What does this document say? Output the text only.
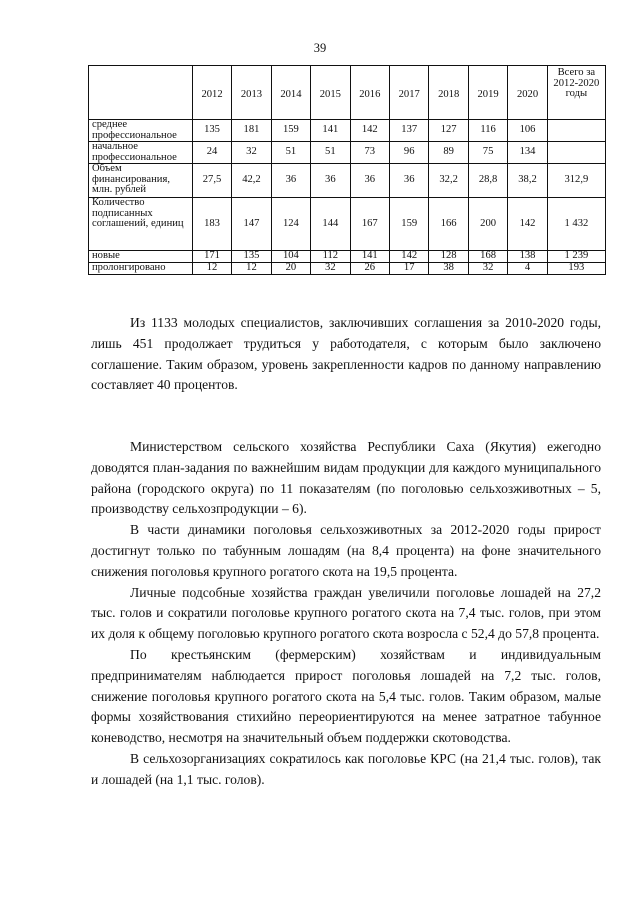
39
	2012	2013	2014	2015	2016	2017	2018	2019	2020	Всего за 2012-2020 годы
среднее профессиональное	135	181	159	141	142	137	127	116	106	
начальное профессиональное	24	32	51	51	73	96	89	75	134	
Объем финансирования, млн. рублей	27,5	42,2	36	36	36	36	32,2	28,8	38,2	312,9
Количество подписанных соглашений, единиц	183	147	124	144	167	159	166	200	142	1 432
новые	171	135	104	112	141	142	128	168	138	1 239
пролонгировано	12	12	20	32	26	17	38	32	4	193

Из 1133 молодых специалистов, заключивших соглашения за 2010-2020 годы, лишь 451 продолжает трудиться у работодателя, с которым было заключено соглашение. Таким образом, уровень закрепленности кадров по данному направлению составляет 40 процентов.

Министерством сельского хозяйства Республики Саха (Якутия) ежегодно доводятся план-задания по важнейшим видам продукции для каждого муниципального района (городского округа) по 11 показателям (по поголовью сельхозживотных – 5, производству сельхозпродукции – 6).

В части динамики поголовья сельхозживотных за 2012-2020 годы прирост достигнут только по табунным лошадям (на 8,4 процента) на фоне значительного снижения поголовья крупного рогатого скота на 19,5 процента.

Личные подсобные хозяйства граждан увеличили поголовье лошадей на 27,2 тыс. голов и сократили поголовье крупного рогатого скота на 7,4 тыс. голов, при этом их доля к общему поголовью крупного рогатого скота возросла с 52,4 до 57,8 процента.

По крестьянским (фермерским) хозяйствам и индивидуальным предпринимателям наблюдается прирост поголовья лошадей на 7,2 тыс. голов, снижение поголовья крупного рогатого скота на 5,4 тыс. голов. Таким образом, малые формы хозяйствования стихийно переориентируются на менее затратное табунное коневодство, несмотря на значительный объем поддержки скотоводства.

В сельхозорганизациях сократилось как поголовье КРС (на 21,4 тыс. голов), так и лошадей (на 1,1 тыс. голов).
